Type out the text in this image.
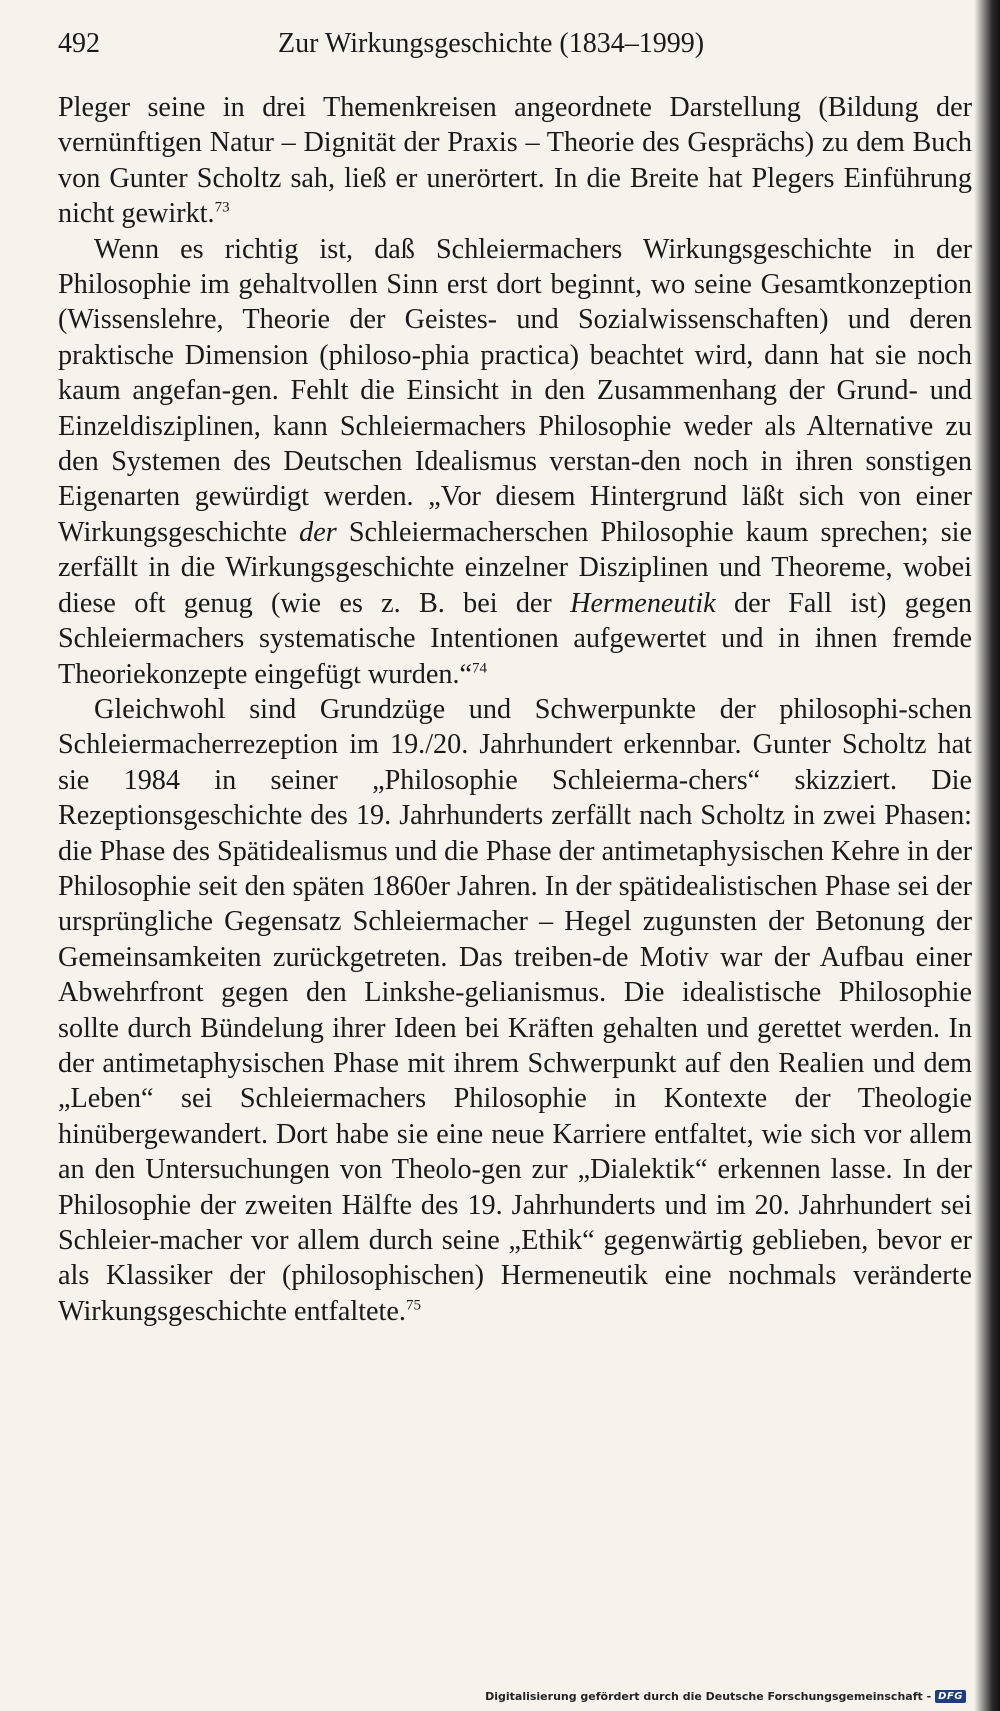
492	Zur Wirkungsgeschichte (1834–1999)

Pleger seine in drei Themenkreisen angeordnete Darstellung (Bildung der vernünftigen Natur – Dignität der Praxis – Theorie des Gesprächs) zu dem Buch von Gunter Scholtz sah, ließ er unerörtert. In die Breite hat Plegers Einführung nicht gewirkt.$^{73}$

Wenn es richtig ist, daß Schleiermachers Wirkungsgeschichte in der Philosophie im gehaltvollen Sinn erst dort beginnt, wo seine Gesamtkonzeption (Wissenslehre, Theorie der Geistes- und Sozialwissenschaften) und deren praktische Dimension (philoso-phia practica) beachtet wird, dann hat sie noch kaum angefan-gen. Fehlt die Einsicht in den Zusammenhang der Grund- und Einzeldisziplinen, kann Schleiermachers Philosophie weder als Alternative zu den Systemen des Deutschen Idealismus verstan-den noch in ihren sonstigen Eigenarten gewürdigt werden. „Vor diesem Hintergrund läßt sich von einer Wirkungsgeschichte der Schleiermacherschen Philosophie kaum sprechen; sie zerfällt in die Wirkungsgeschichte einzelner Disziplinen und Theoreme, wobei diese oft genug (wie es z. B. bei der Hermeneutik der Fall ist) gegen Schleiermachers systematische Intentionen aufgewertet und in ihnen fremde Theoriekonzepte eingefügt wurden.“$^{74}$

Gleichwohl sind Grundzüge und Schwerpunkte der philosophi-schen Schleiermacherrezeption im 19./20. Jahrhundert erkennbar. Gunter Scholtz hat sie 1984 in seiner „Philosophie Schleierma-chers“ skizziert. Die Rezeptionsgeschichte des 19. Jahrhunderts zerfällt nach Scholtz in zwei Phasen: die Phase des Spätidealismus und die Phase der antimetaphysischen Kehre in der Philosophie seit den späten 1860er Jahren. In der spätidealistischen Phase sei der ursprüngliche Gegensatz Schleiermacher – Hegel zugunsten der Betonung der Gemeinsamkeiten zurückgetreten. Das treiben-de Motiv war der Aufbau einer Abwehrfront gegen den Linkshe-gelianismus. Die idealistische Philosophie sollte durch Bündelung ihrer Ideen bei Kräften gehalten und gerettet werden. In der antimetaphysischen Phase mit ihrem Schwerpunkt auf den Realien und dem „Leben“ sei Schleiermachers Philosophie in Kontexte der Theologie hinübergewandert. Dort habe sie eine neue Karriere entfaltet, wie sich vor allem an den Untersuchungen von Theolo-gen zur „Dialektik“ erkennen lasse. In der Philosophie der zweiten Hälfte des 19. Jahrhunderts und im 20. Jahrhundert sei Schleier-macher vor allem durch seine „Ethik“ gegenwärtig geblieben, bevor er als Klassiker der (philosophischen) Hermeneutik eine nochmals veränderte Wirkungsgeschichte entfaltete.$^{75}$

Digitalisierung gefördert durch die Deutsche Forschungsgemeinschaft - DFG
